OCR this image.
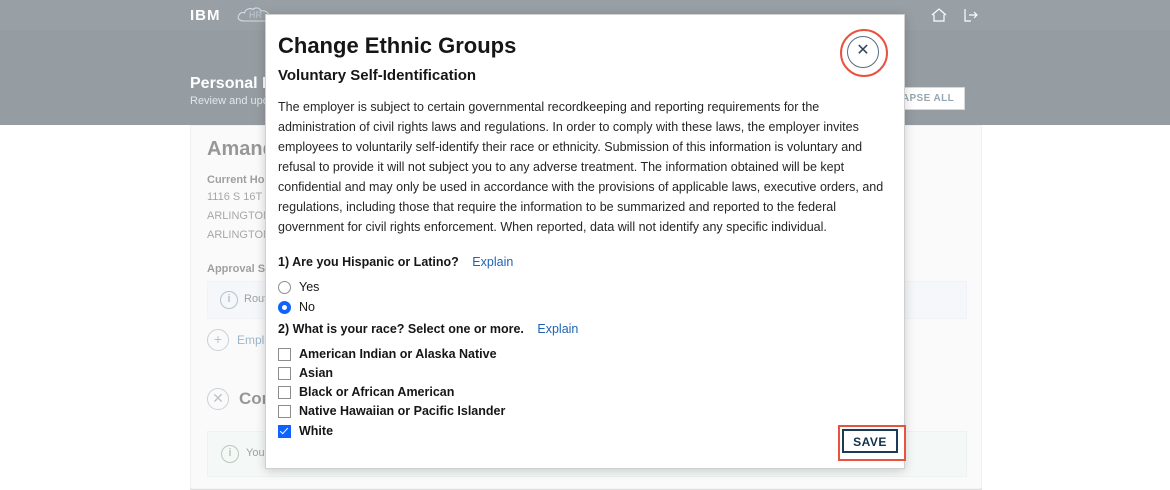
Change Ethnic Groups
Voluntary Self-Identification
✕
The employer is subject to certain governmental recordkeeping and reporting requirements for the administration of civil rights laws and regulations. In order to comply with these laws, the employer invites employees to voluntarily self-identify their race or ethnicity. Submission of this information is voluntary and refusal to provide it will not subject you to any adverse treatment. The information obtained will be kept confidential and may only be used in accordance with the provisions of applicable laws, executive orders, and regulations, including those that require the information to be summarized and reported to the federal government for civil rights enforcement. When reported, data will not identify any specific individual.
1) Are you Hispanic or Latino? Explain
Yes
No
2) What is your race? Select one or more. Explain
American Indian or Alaska Native
Asian
Black or African American
Native Hawaiian or Pacific Islander
White
SAVE
